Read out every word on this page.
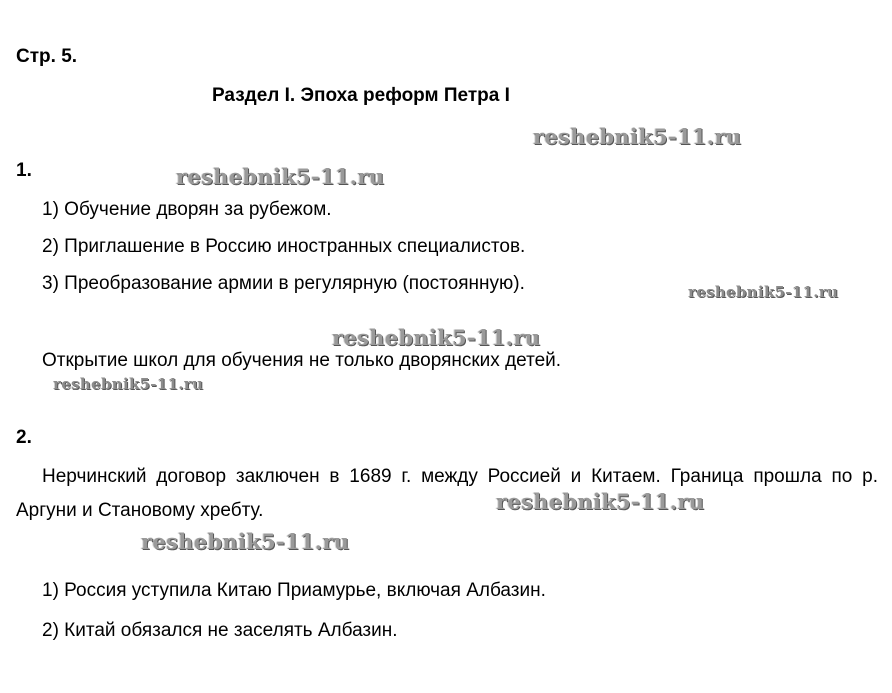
Стр. 5.
Раздел I. Эпоха реформ Петра I
1.
1) Обучение дворян за рубежом.
2) Приглашение в Россию иностранных специалистов.
3) Преобразование армии в регулярную (постоянную).
Открытие школ для обучения не только дворянских детей.
2.
Нерчинский договор заключен в 1689 г. между Россией и Китаем. Граница прошла по р. Аргуни и Становому хребту.
1) Россия уступила Китаю Приамурье, включая Албазин.
2) Китай обязался не заселять Албазин.
reshebnik5-11.ru
reshebnik5-11.ru
reshebnik5-11.ru
reshebnik5-11.ru
reshebnik5-11.ru
reshebnik5-11.ru
reshebnik5-11.ru
